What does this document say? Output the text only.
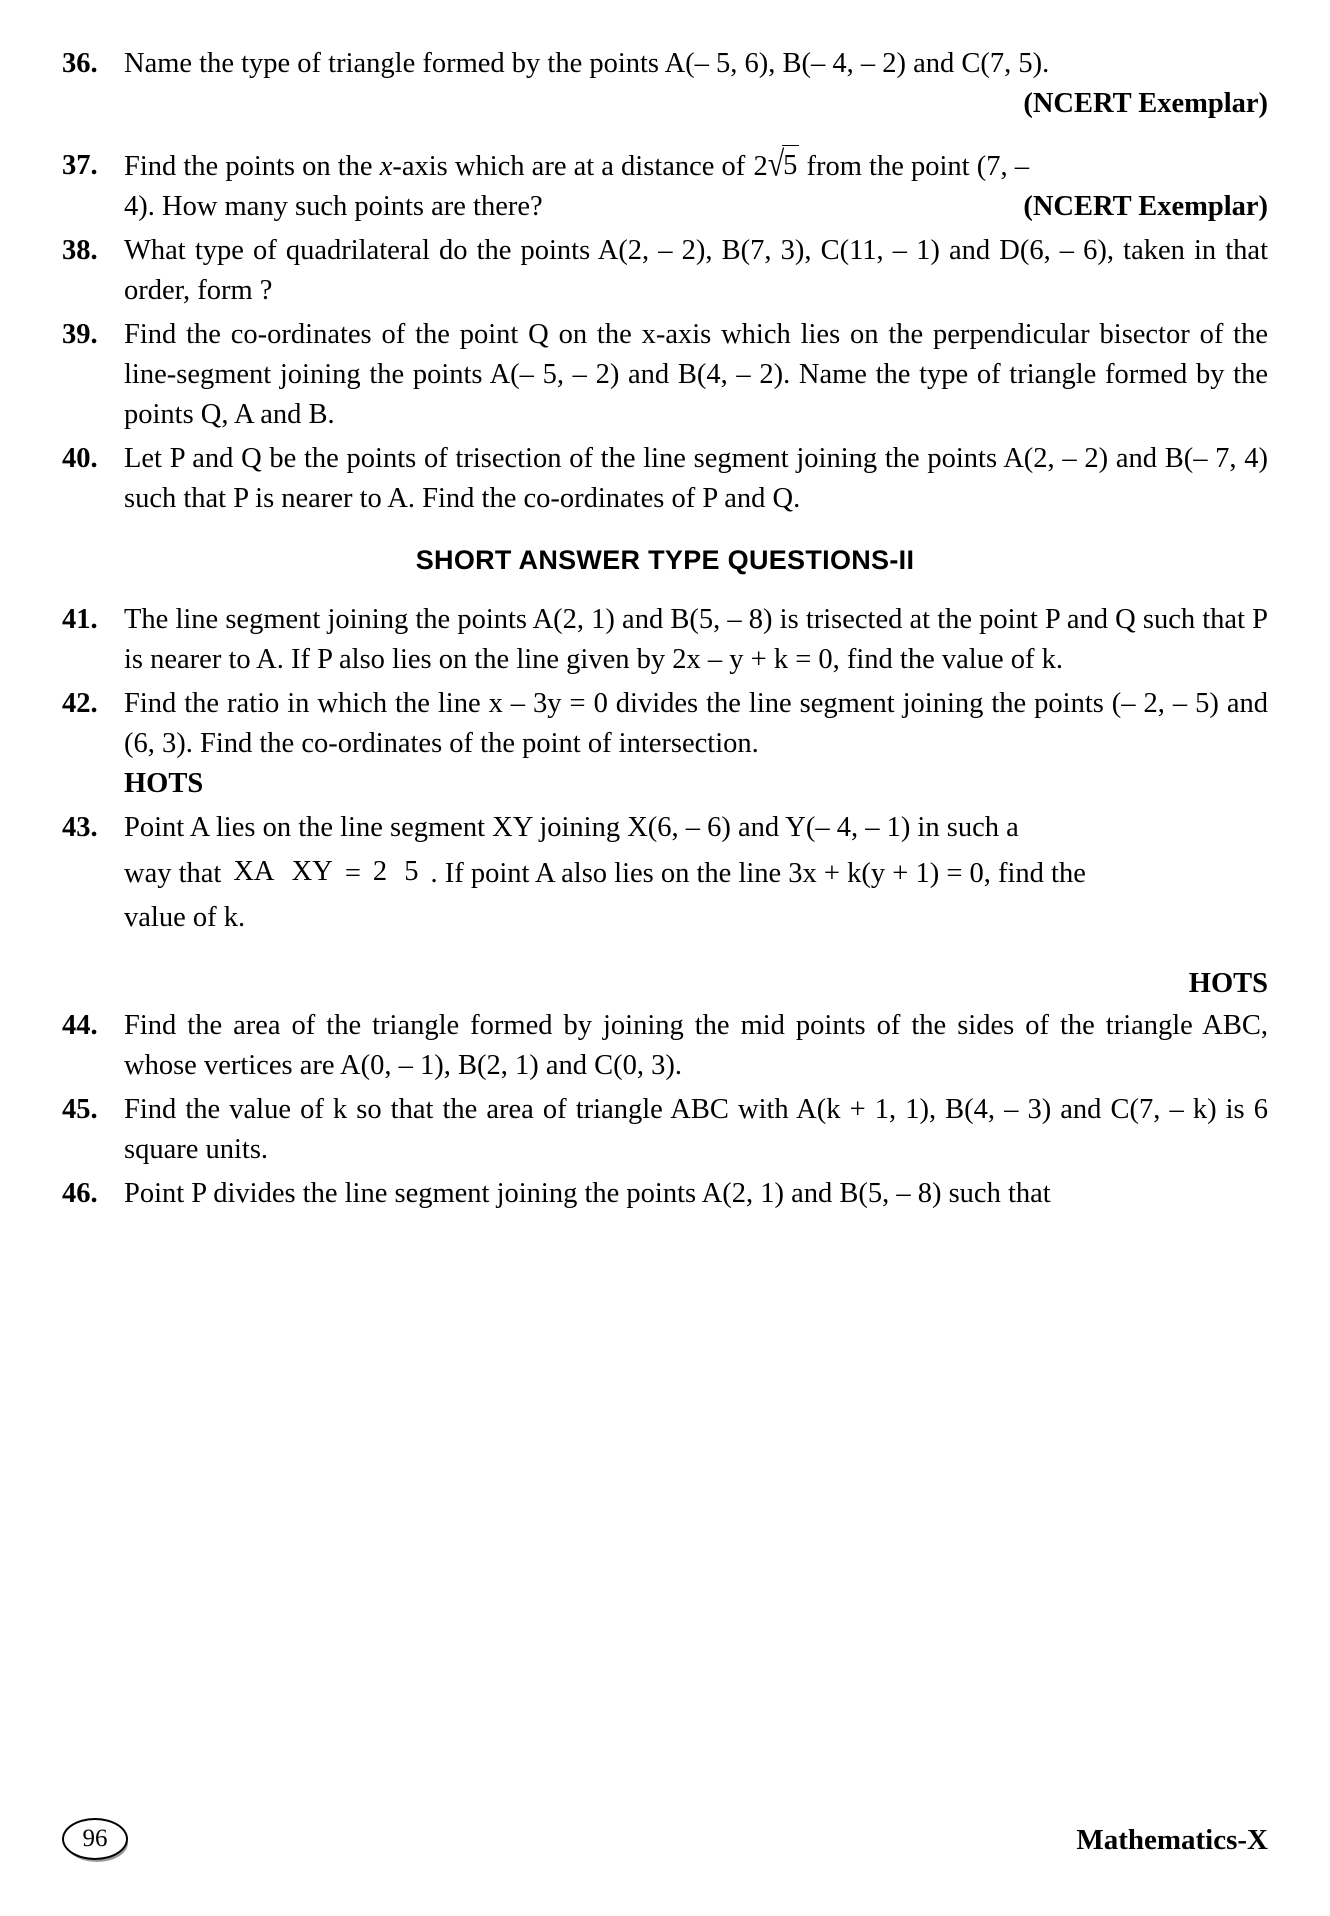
36. Name the type of triangle formed by the points A(– 5, 6), B(– 4, – 2) and C(7, 5).

(NCERT Exemplar)

37. Find the points on the x-axis which are at a distance of 2√5 from the point (7, –

4). How many such points are there?	(NCERT Exemplar)

38. What type of quadrilateral do the points A(2, – 2), B(7, 3), C(11, – 1) and D(6, – 6), taken in that order, form ?
39. Find the co-ordinates of the point Q on the x-axis which lies on the perpendicular bisector of the line-segment joining the points A(– 5, – 2) and B(4, – 2). Name the type of triangle formed by the points Q, A and B.
40. Let P and Q be the points of trisection of the line segment joining the points A(2, – 2) and B(– 7, 4) such that P is nearer to A. Find the co-ordinates of P and Q.
SHORT ANSWER TYPE QUESTIONS-II
41. The line segment joining the points A(2, 1) and B(5, – 8) is trisected at the point P and Q such that P is nearer to A. If P also lies on the line given by 2x – y + k = 0, find the value of k.
42. Find the ratio in which the line x – 3y = 0 divides the line segment joining the points (– 2, – 5) and (6, 3). Find the co-ordinates of the point of intersection.

HOTS

43. Point A lies on the line segment XY joining X(6, – 6) and Y(– 4, – 1) in such a

way that XA XY = 2 5 . If point A also lies on the line 3x + k(y + 1) = 0, find the

value of k.

HOTS
44. Find the area of the triangle formed by joining the mid points of the sides of the triangle ABC, whose vertices are A(0, – 1), B(2, 1) and C(0, 3).
45. Find the value of k so that the area of triangle ABC with A(k + 1, 1), B(4, – 3) and C(7, – k) is 6 square units.
46. Point P divides the line segment joining the points A(2, 1) and B(5, – 8) such that
96	Mathematics-X
